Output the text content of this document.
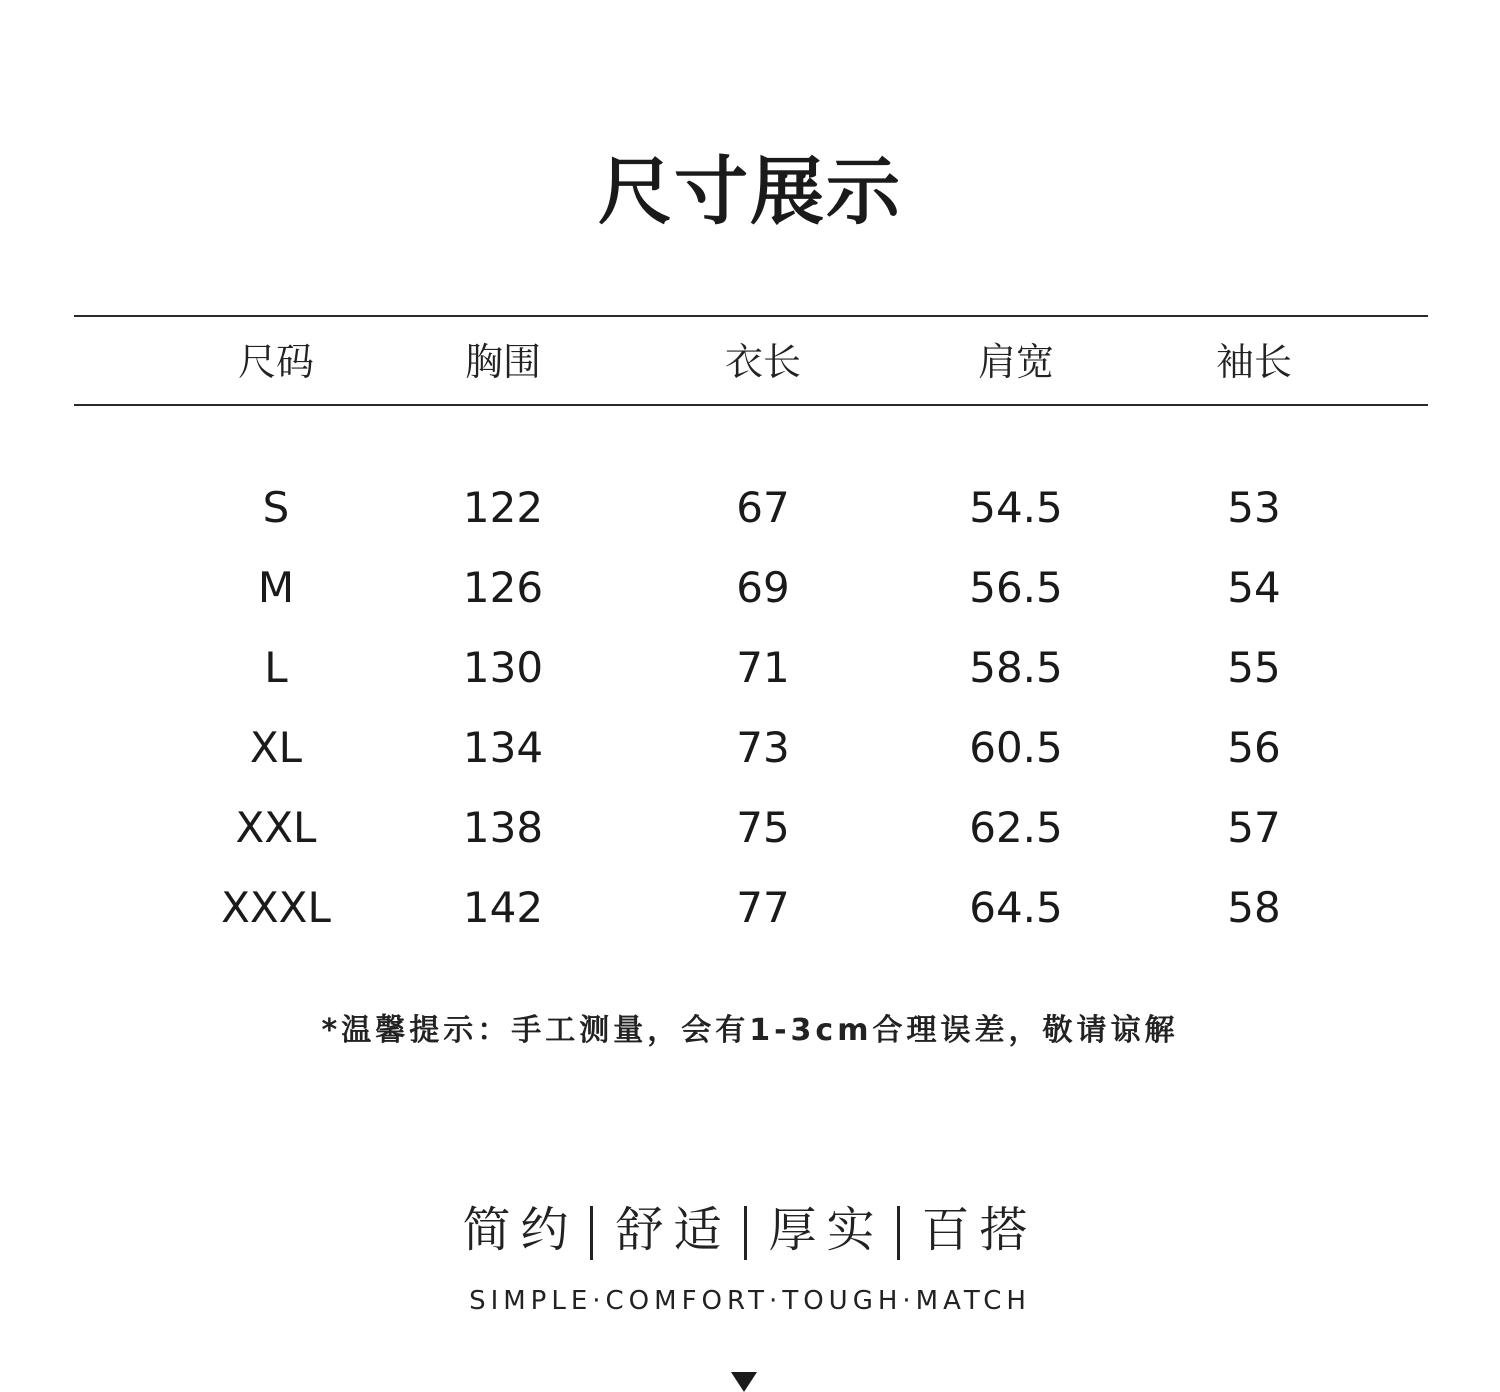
尺寸展示
尺码	胸围	衣长	肩宽	袖长
S	122	67	54.5	53
M	126	69	56.5	54
L	130	71	58.5	55
XL	134	73	60.5	56
XXL	138	75	62.5	57
XXXL	142	77	64.5	58
*温馨提示：手工测量，会有1-3cm合理误差，敬请谅解
简约 舒适 厚实 百搭
SIMPLE·COMFORT·TOUGH·MATCH
